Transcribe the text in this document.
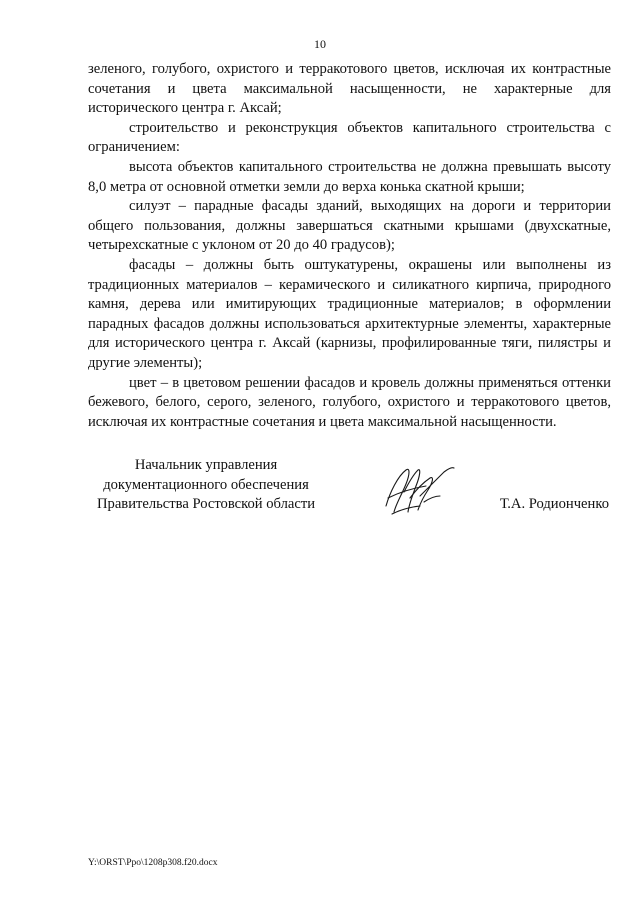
10

зеленого, голубого, охристого и терракотового цветов, исключая их контрастные сочетания и цвета максимальной насыщенности, не характерные для исторического центра г. Аксай;

строительство и реконструкция объектов капитального строительства с ограничением:

высота объектов капитального строительства не должна превышать высоту 8,0 метра от основной отметки земли до верха конька скатной крыши;

силуэт – парадные фасады зданий, выходящих на дороги и территории общего пользования, должны завершаться скатными крышами (двухскатные, четырехскатные с уклоном от 20 до 40 градусов);

фасады – должны быть оштукатурены, окрашены или выполнены из традиционных материалов – керамического и силикатного кирпича, природного камня, дерева или имитирующих традиционные материалов; в оформлении парадных фасадов должны использоваться архитектурные элементы, характерные для исторического центра г. Аксай (карнизы, профилированные тяги, пилястры и другие элементы);

цвет – в цветовом решении фасадов и кровель должны применяться оттенки бежевого, белого, серого, зеленого, голубого, охристого и терракотового цветов, исключая их контрастные сочетания и цвета максимальной насыщенности.

Начальник управления
документационного обеспечения
Правительства Ростовской области	Т.А. Родионченко
Y:\ORST\Ppo\1208p308.f20.docx
